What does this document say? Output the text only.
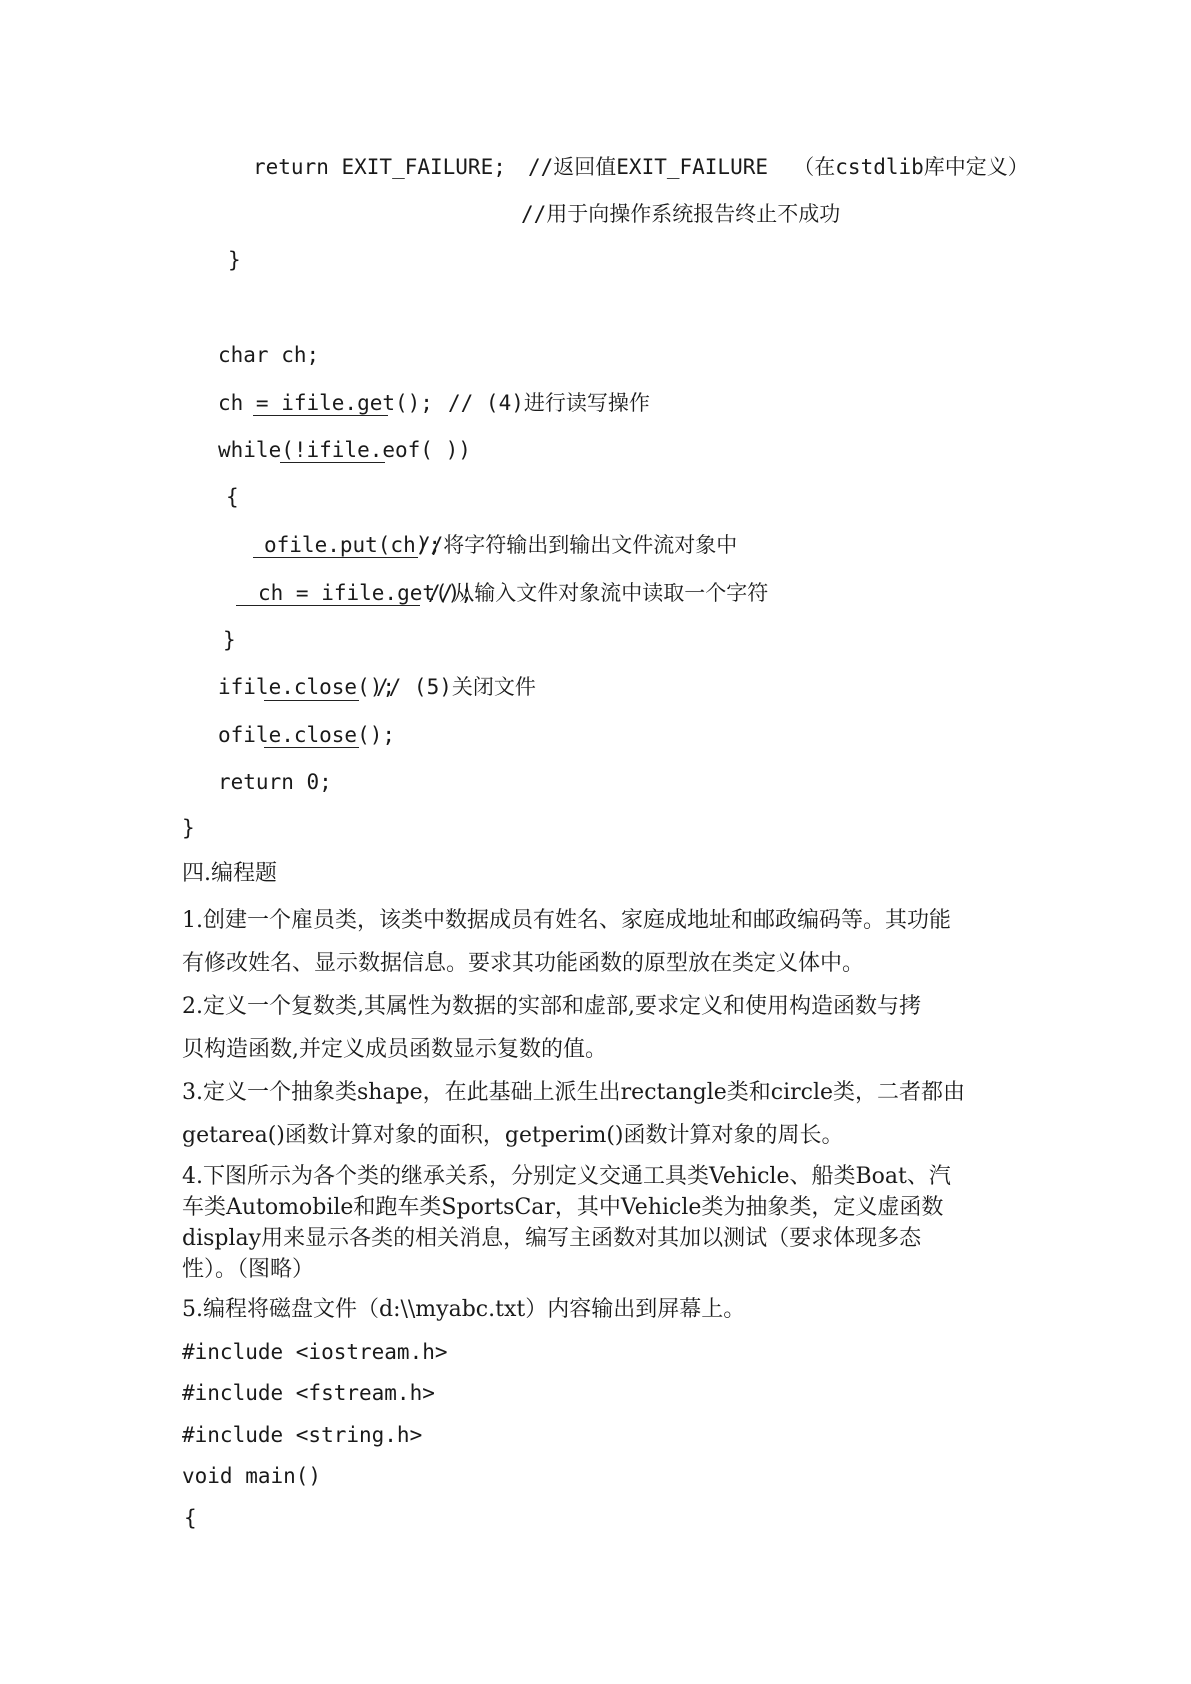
return EXIT_FAILURE; //返回值EXIT_FAILURE  （在cstdlib库中定义）
//用于向操作系统报告终止不成功
}
char ch;
ch = ifile.get(); // (4)进行读写操作
while(!ifile.eof( ))
{
ofile.put(ch);
//将字符输出到输出文件流对象中
ch = ifile.get();
//从输入文件对象流中读取一个字符
}
ifile.close();
// (5)关闭文件
ofile.close();
return 0;
}
四.编程题
1.创建一个雇员类，该类中数据成员有姓名、家庭成地址和邮政编码等。其功能
有修改姓名、显示数据信息。要求其功能函数的原型放在类定义体中。
2.定义一个复数类,其属性为数据的实部和虚部,要求定义和使用构造函数与拷
贝构造函数,并定义成员函数显示复数的值。
3.定义一个抽象类shape，在此基础上派生出rectangle类和circle类，二者都由
getarea()函数计算对象的面积，getperim()函数计算对象的周长。
4.下图所示为各个类的继承关系，分别定义交通工具类Vehicle、船类Boat、汽
车类Automobile和跑车类SportsCar，其中Vehicle类为抽象类，定义虚函数
display用来显示各类的相关消息，编写主函数对其加以测试（要求体现多态
性）。（图略）
5.编程将磁盘文件（d:\\myabc.txt）内容输出到屏幕上。
#include <iostream.h>
#include <fstream.h>
#include <string.h>
void main()
{
